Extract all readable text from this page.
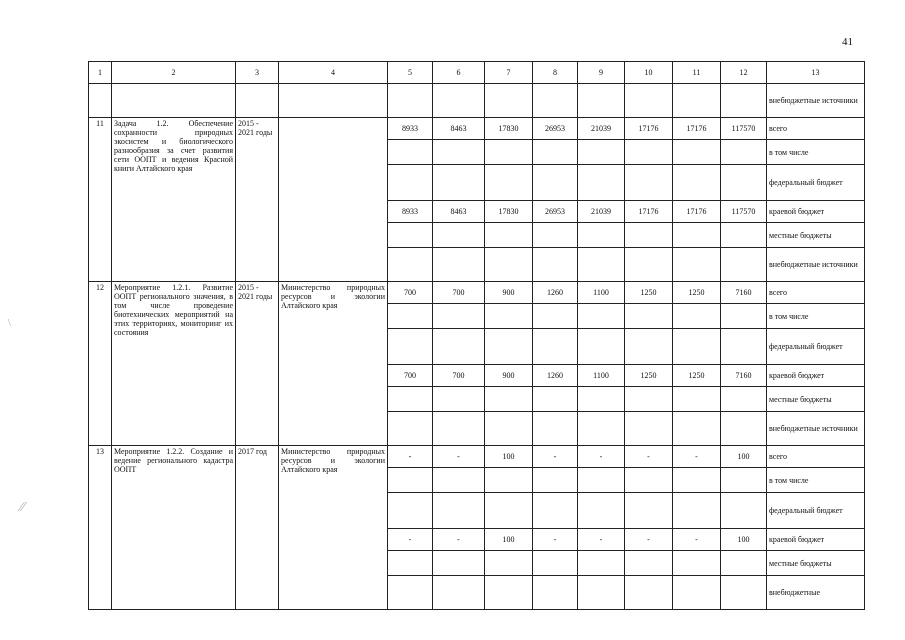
41
1	2	3	4	5	6	7	8	9	10	11	12	13
												внебюджетные источники
11	Задача 1.2. Обеспечение сохранности природных экосистем и биологического разнообразия за счет развития сети ООПТ и ведения Красной книги Алтайского края	2015 - 2021 годы		8933	8463	17830	26953	21039	17176	17176	117570	всего
												в том числе
												федеральный бюджет
				8933	8463	17830	26953	21039	17176	17176	117570	краевой бюджет
												местные бюджеты
												внебюджетные источники
12	Мероприятие 1.2.1. Развитие ООПТ регионального значения, в том числе проведение биотехнических мероприятий на этих территориях, мониторинг их состояния	2015 - 2021 годы	Министерство природных ресурсов и экологии Алтайского края	700	700	900	1260	1100	1250	1250	7160	всего
												в том числе
												федеральный бюджет
				700	700	900	1260	1100	1250	1250	7160	краевой бюджет
												местные бюджеты
												внебюджетные источники
13	Мероприятие 1.2.2. Создание и ведение регионального кадастра ООПТ	2017 год	Министерство природных ресурсов и экологии Алтайского края	-	-	100	-	-	-	-	100	всего
												в том числе
												федеральный бюджет
				-	-	100	-	-	-	-	100	краевой бюджет
												местные бюджеты
												внебюджетные
\
⁄⁄
